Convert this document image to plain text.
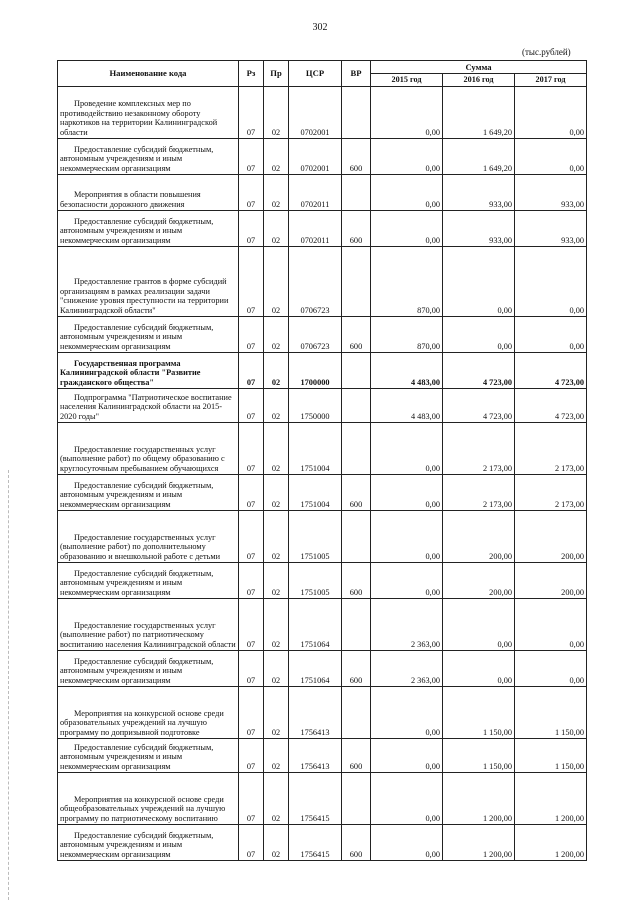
302
(тыс.рублей)
Наименование кода	Рз	Пр	ЦСР	ВР	Сумма		
					2015 год	2016 год	2017 год
Проведение комплексных мер по противодействию незаконному обороту наркотиков на территории Калининградской области	07	02	0702001		0,00	1 649,20	0,00
Предоставление субсидий бюджетным, автономным учреждениям и иным некоммерческим организациям	07	02	0702001	600	0,00	1 649,20	0,00
Мероприятия в области повышения безопасности дорожного движения	07	02	0702011		0,00	933,00	933,00
Предоставление субсидий бюджетным, автономным учреждениям и иным некоммерческим организациям	07	02	0702011	600	0,00	933,00	933,00
Предоставление грантов в форме субсидий организациям в рамках реализации задачи "снижение уровня преступности на территории Калининградской области"	07	02	0706723		870,00	0,00	0,00
Предоставление субсидий бюджетным, автономным учреждениям и иным некоммерческим организациям	07	02	0706723	600	870,00	0,00	0,00
Государственная программа Калининградской области "Развитие гражданского общества"	07	02	1700000		4 483,00	4 723,00	4 723,00
Подпрограмма "Патриотическое воспитание населения Калининградской области на 2015-2020 годы"	07	02	1750000		4 483,00	4 723,00	4 723,00
Предоставление государственных услуг (выполнение работ) по общему образованию с круглосуточным пребыванием обучающихся	07	02	1751004		0,00	2 173,00	2 173,00
Предоставление субсидий бюджетным, автономным учреждениям и иным некоммерческим организациям	07	02	1751004	600	0,00	2 173,00	2 173,00
Предоставление государственных услуг (выполнение работ) по дополнительному образованию и внешкольной работе с детьми	07	02	1751005		0,00	200,00	200,00
Предоставление субсидий бюджетным, автономным учреждениям и иным некоммерческим организациям	07	02	1751005	600	0,00	200,00	200,00
Предоставление государственных услуг (выполнение работ) по патриотическому воспитанию населения Калининградской области	07	02	1751064		2 363,00	0,00	0,00
Предоставление субсидий бюджетным, автономным учреждениям и иным некоммерческим организациям	07	02	1751064	600	2 363,00	0,00	0,00
Мероприятия на конкурсной основе среди образовательных учреждений на лучшую программу по допризывной подготовке	07	02	1756413		0,00	1 150,00	1 150,00
Предоставление субсидий бюджетным, автономным учреждениям и иным некоммерческим организациям	07	02	1756413	600	0,00	1 150,00	1 150,00
Мероприятия на конкурсной основе среди общеобразовательных учреждений на лучшую программу по патриотическому воспитанию	07	02	1756415		0,00	1 200,00	1 200,00
Предоставление субсидий бюджетным, автономным учреждениям и иным некоммерческим организациям	07	02	1756415	600	0,00	1 200,00	1 200,00
